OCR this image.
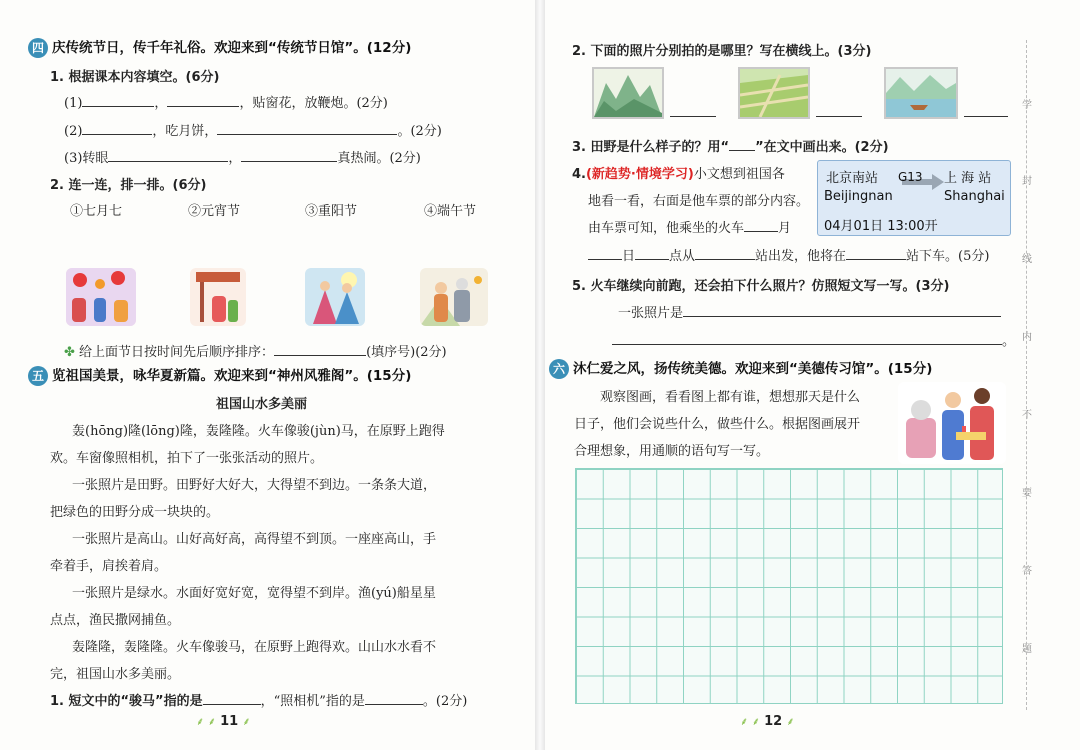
四 庆传统节日，传千年礼俗。欢迎来到“传统节日馆”。(12分)
1. 根据课本内容填空。(6分)
(1)	，	，贴窗花，放鞭炮。(2分)
(2)	，吃月饼，	。(2分)
(3)转眼	，	真热闹。(2分)
2. 连一连，排一排。(6分)
①七月七	②元宵节	③重阳节	④端午节
✤ 给上面节日按时间先后顺序排序：	(填序号)(2分)
五 览祖国美景，咏华夏新篇。欢迎来到“神州风雅阁”。(15分)
祖国山水多美丽
轰(hōng)隆(lōng)隆，轰隆隆。火车像骏(jùn)马，在原野上跑得
欢。车窗像照相机，拍下了一张张活动的照片。
一张照片是田野。田野好大好大，大得望不到边。一条条大道，
把绿色的田野分成一块块的。
一张照片是高山。山好高好高，高得望不到顶。一座座高山，手
牵着手，肩挨着肩。
一张照片是绿水。水面好宽好宽，宽得望不到岸。渔(yú)船星星
点点，渔民撒网捕鱼。
轰隆隆，轰隆隆。火车像骏马，在原野上跑得欢。山山水水看不
完，祖国山水多美丽。
1. 短文中的“骏马”指的是	，“照相机”指的是	。(2分)
⸙ ⸙ 11 ⸙
2. 下面的照片分别拍的是哪里？写在横线上。(3分)
3. 田野是什么样子的？用“ ”在文中画出来。(2分)
4.(新趋势·情境学习)小文想到祖国各
地看一看，右面是他车票的部分内容。
由车票可知，他乘坐的火车	月
日	点从	站出发，他将在	站下车。(5分)
北京南站 G13 上 海 站
Beijingnan	Shanghai
04月01日 13:00开
5. 火车继续向前跑，还会拍下什么照片？仿照短文写一写。(3分)
一张照片是
。
六 沐仁爱之风，扬传统美德。欢迎来到“美德传习馆”。(15分)
观察图画，看看图上都有谁，想想那天是什么
日子，他们会说些什么，做些什么。根据图画展开
合理想象，用通顺的语句写一写。
学
封
线
内
不
要
答
题
⸙ ⸙ 12 ⸙
